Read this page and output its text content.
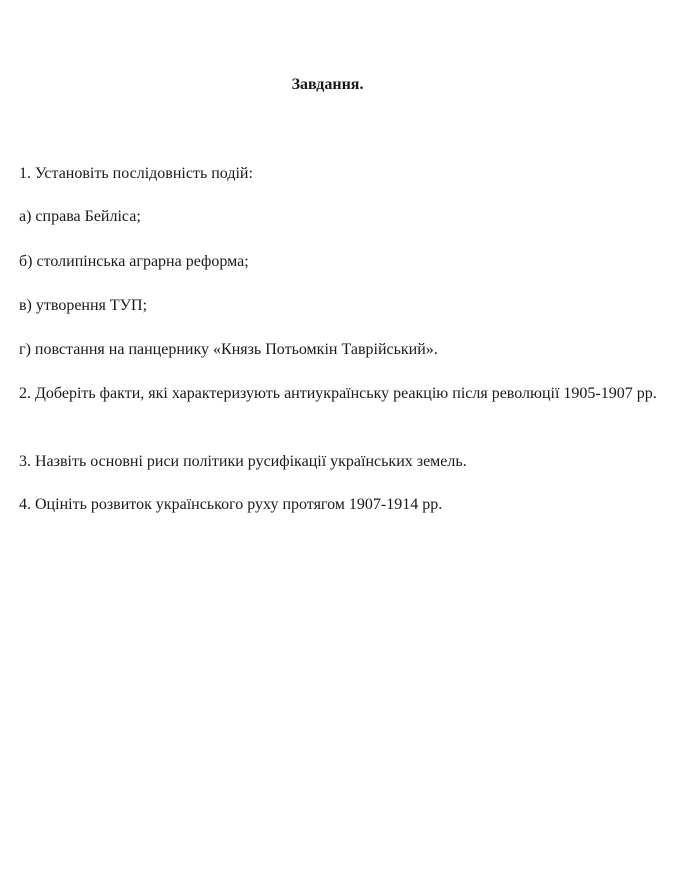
Завдання.
1. Установіть послідовність подій:
а) справа Бейліса;
б) столипінська аграрна реформа;
в) утворення ТУП;
г) повстання на панцернику «Князь Потьомкін Таврійський».
2. Доберіть факти, які характеризують антиукраїнську реакцію після революції 1905-1907 рр.
3. Назвіть основні риси політики русифікації українських земель.
4. Оцініть розвиток українського руху протягом 1907-1914 рр.
